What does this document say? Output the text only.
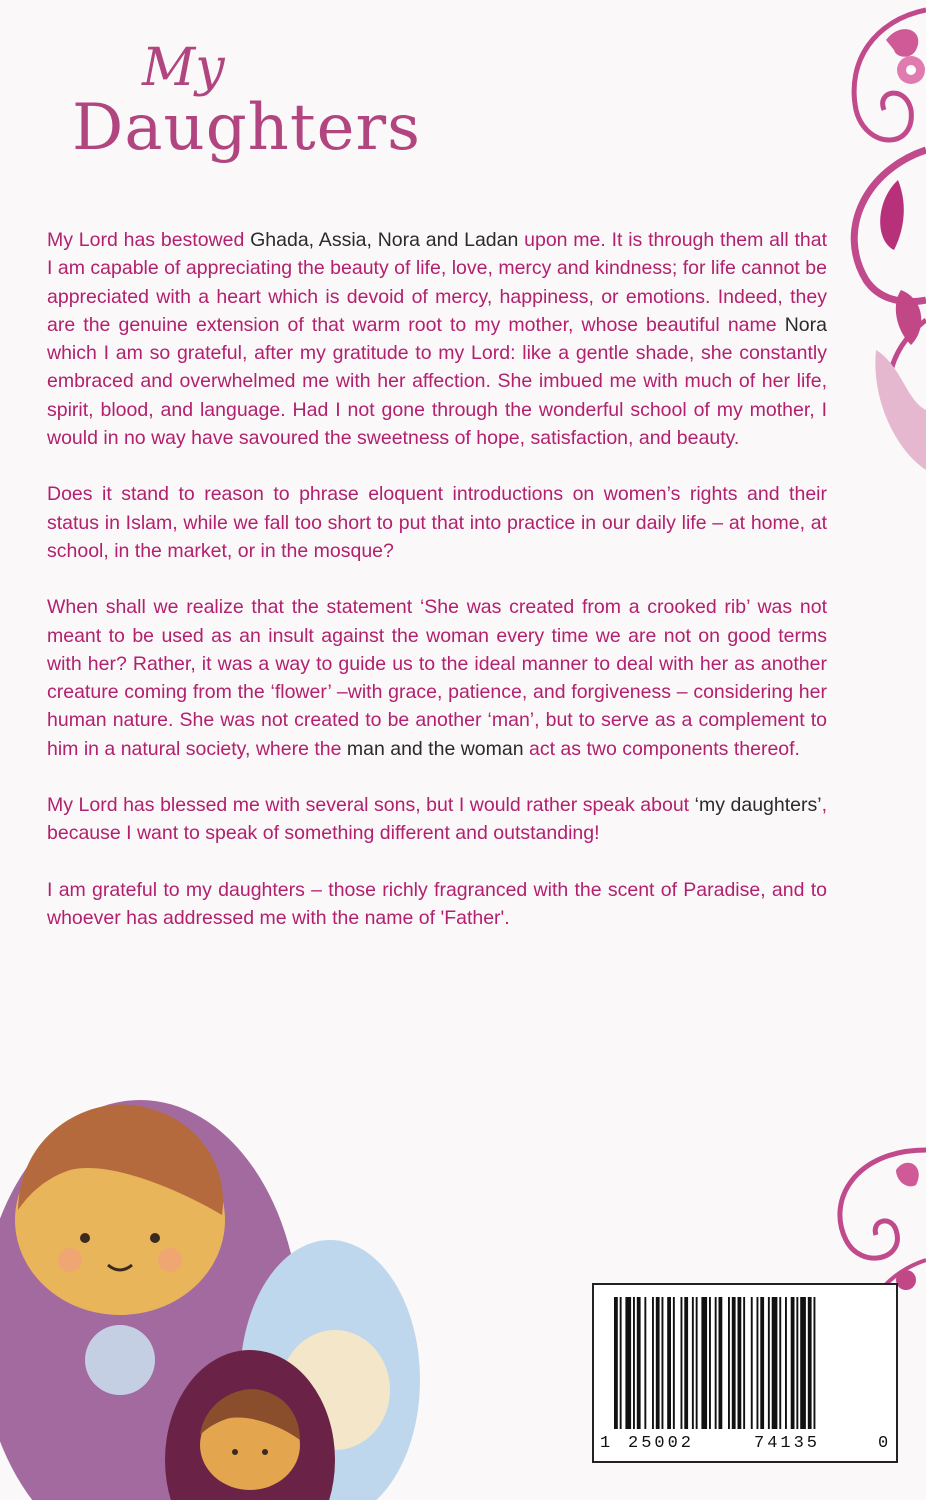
My
Daughters

My Lord has bestowed Ghada, Assia, Nora and Ladan upon me. It is through them all that I am capable of appreciating the beauty of life, love, mercy and kindness; for life cannot be appreciated with a heart which is devoid of mercy, happiness, or emotions. Indeed, they are the genuine extension of that warm root to my mother, whose beautiful name Nora which I am so grateful, after my gratitude to my Lord: like a gentle shade, she constantly embraced and overwhelmed me with her affection. She imbued me with much of her life, spirit, blood, and language. Had I not gone through the wonderful school of my mother, I would in no way have savoured the sweetness of hope, satisfaction, and beauty.

Does it stand to reason to phrase eloquent introductions on women’s rights and their status in Islam, while we fall too short to put that into practice in our daily life – at home, at school, in the market, or in the mosque?

When shall we realize that the statement ‘She was created from a crooked rib’ was not meant to be used as an insult against the woman every time we are not on good terms with her? Rather, it was a way to guide us to the ideal manner to deal with her as another creature coming from the ‘flower’ –with grace, patience, and forgiveness – considering her human nature. She was not created to be another ‘man’, but to serve as a complement to him in a natural society, where the man and the woman act as two components thereof.

My Lord has blessed me with several sons, but I would rather speak about ‘my daughters’, because I want to speak of something different and outstanding!

I am grateful to my daughters – those richly fragranced with the scent of Paradise, and to whoever has addressed me with the name of 'Father'.

1 25002	74135	0
